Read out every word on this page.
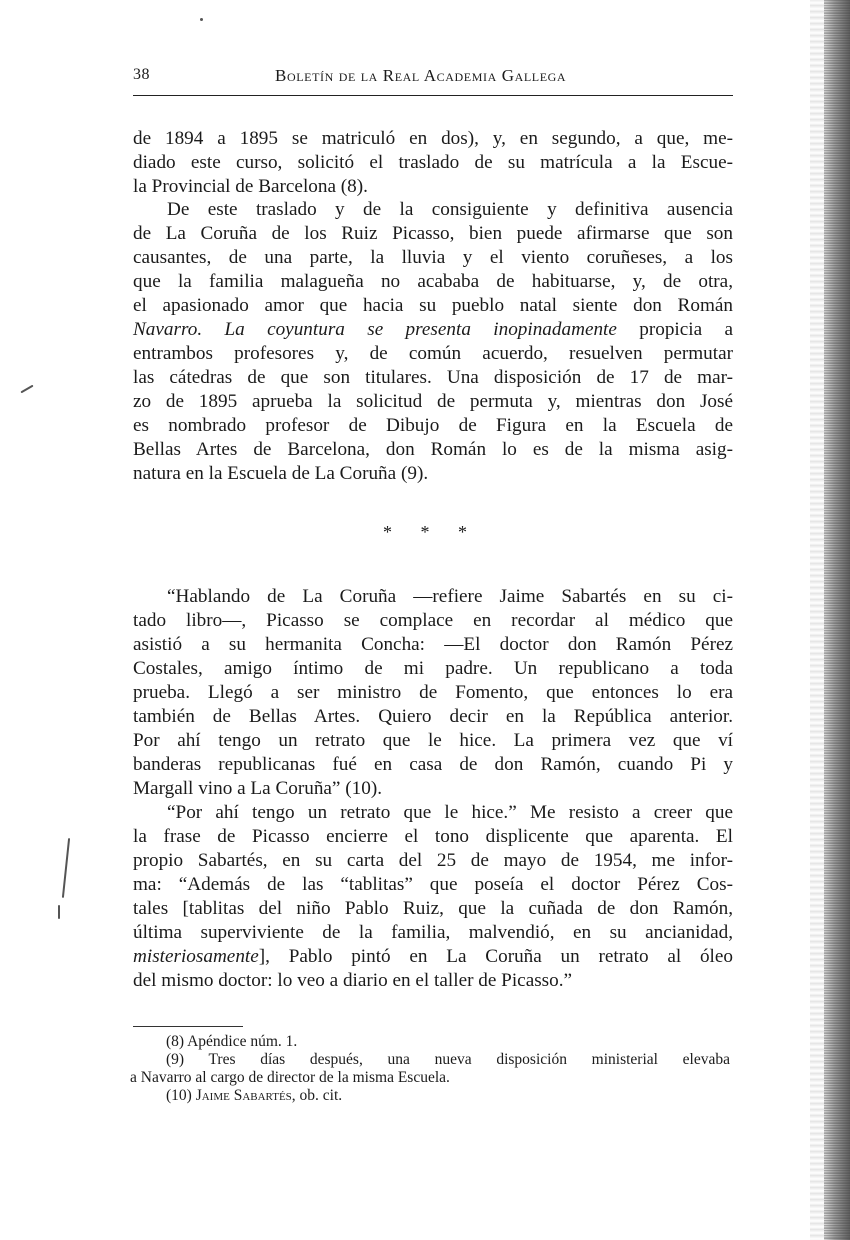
38	Boletín de la Real Academia Gallega
de 1894 a 1895 se matriculó en dos), y, en segundo, a que, me-
diado este curso, solicitó el traslado de su matrícula a la Escue-
la Provincial de Barcelona (8).
De este traslado y de la consiguiente y definitiva ausencia
de La Coruña de los Ruiz Picasso, bien puede afirmarse que son
causantes, de una parte, la lluvia y el viento coruñeses, a los
que la familia malagueña no acababa de habituarse, y, de otra,
el apasionado amor que hacia su pueblo natal siente don Román
Navarro. La coyuntura se presenta inopinadamente propicia a
entrambos profesores y, de común acuerdo, resuelven permutar
las cátedras de que son titulares. Una disposición de 17 de mar-
zo de 1895 aprueba la solicitud de permuta y, mientras don José
es nombrado profesor de Dibujo de Figura en la Escuela de
Bellas Artes de Barcelona, don Román lo es de la misma asig-
natura en la Escuela de La Coruña (9).
* * *
“Hablando de La Coruña —refiere Jaime Sabartés en su ci-
tado libro—, Picasso se complace en recordar al médico que
asistió a su hermanita Concha: —El doctor don Ramón Pérez
Costales, amigo íntimo de mi padre. Un republicano a toda
prueba. Llegó a ser ministro de Fomento, que entonces lo era
también de Bellas Artes. Quiero decir en la República anterior.
Por ahí tengo un retrato que le hice. La primera vez que ví
banderas republicanas fué en casa de don Ramón, cuando Pi y
Margall vino a La Coruña” (10).
“Por ahí tengo un retrato que le hice.” Me resisto a creer que
la frase de Picasso encierre el tono displicente que aparenta. El
propio Sabartés, en su carta del 25 de mayo de 1954, me infor-
ma: “Además de las “tablitas” que poseía el doctor Pérez Cos-
tales [tablitas del niño Pablo Ruiz, que la cuñada de don Ramón,
última superviviente de la familia, malvendió, en su ancianidad,
misteriosamente], Pablo pintó en La Coruña un retrato al óleo
del mismo doctor: lo veo a diario en el taller de Picasso.”
(8) Apéndice núm. 1.
(9) Tres días después, una nueva disposición ministerial elevaba
a Navarro al cargo de director de la misma Escuela.
(10) Jaime Sabartés, ob. cit.
